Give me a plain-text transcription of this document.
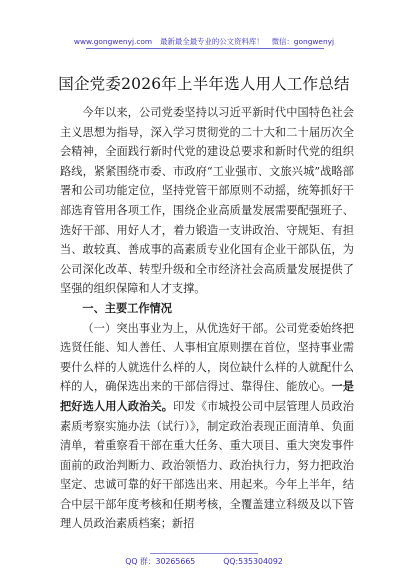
www.gongwenyj.com 最新最全最专业的公文资料库！ 微信：gongwenyj
国企党委2026年上半年选人用人工作总结

今年以来，公司党委坚持以习近平新时代中国特色社会主义思想为指导，深入学习贯彻党的二十大和二十届历次全会精神，全面践行新时代党的建设总要求和新时代党的组织路线，紧紧围绕市委、市政府“工业强市、文旅兴城”战略部署和公司功能定位，坚持党管干部原则不动摇，统筹抓好干部选育管用各项工作，围绕企业高质量发展需要配强班子、选好干部、用好人才，着力锻造一支讲政治、守规矩、有担当、敢较真、善成事的高素质专业化国有企业干部队伍，为公司深化改革、转型升级和全市经济社会高质量发展提供了坚强的组织保障和人才支撑。

一、主要工作情况

（一）突出事业为上，从优选好干部。公司党委始终把选贤任能、知人善任、人事相宜原则摆在首位，坚持事业需要什么样的人就选什么样的人，岗位缺什么样的人就配什么样的人，确保选出来的干部信得过、靠得住、能放心。一是把好选人用人政治关。印发《市城投公司中层管理人员政治素质考察实施办法（试行）》，制定政治表现正面清单、负面清单，着重察看干部在重大任务、重大项目、重大突发事件面前的政治判断力、政治领悟力、政治执行力，努力把政治坚定、忠诚可靠的好干部选出来、用起来。今年上半年，结合中层干部年度考核和任期考核，全覆盖建立科级及以下管理人员政治素质档案；新招

QQ 群：30265665	QQ:535304092
